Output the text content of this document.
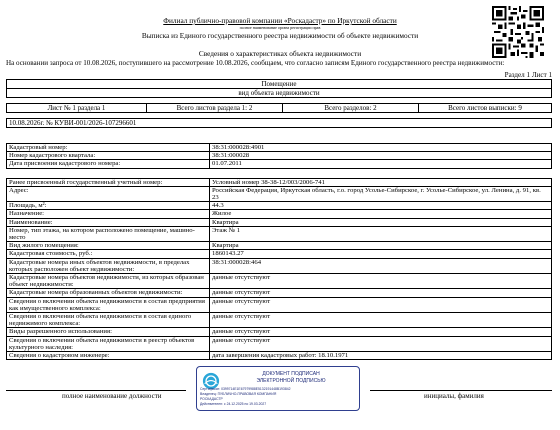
Филиал публично-правовой компании «Роскадастр» по Иркутской области
полное наименование органа регистрации прав
Выписка из Единого государственного реестра недвижимости об объекте недвижимости
Сведения о характеристиках объекта недвижимости
На основании запроса от 10.08.2026, поступившего на рассмотрение 10.08.2026, сообщаем, что согласно записям Единого государственного реестра недвижимости:
Раздел 1 Лист 1
Помещение
вид объекта недвижимости

Лист № 1 раздела 1	Всего листов раздела 1: 2	Всего разделов: 2	Всего листов выписки: 9

10.08.2026г. № КУВИ-001/2026-107296601
Кадастровый номер:	38:31:000028:4901
Номер кадастрового квартала:	38:31:000028
Дата присвоения кадастрового номера:	01.07.2011

Ранее присвоенный государственный учетный номер:	Условный номер 38-38-12/003/2006-741
Адрес:	Российская Федерация, Иркутская область, г.о. город Усолье-Сибирское, г. Усолье-Сибирское, ул. Ленина, д. 91, кв. 23
Площадь, м²:	44.3
Назначение:	Жилое
Наименование:	Квартира
Номер, тип этажа, на котором расположено помещение, машино-место	Этаж № 1
Вид жилого помещения:	Квартира
Кадастровая стоимость, руб.:	1860143.27
Кадастровые номера иных объектов недвижимости, в пределах которых расположен объект недвижимости:	38:31:000028:464
Кадастровые номера объектов недвижимости, из которых образован объект недвижимости:	данные отсутствуют
Кадастровые номера образованных объектов недвижимости:	данные отсутствуют
Сведения о включении объекта недвижимости в состав предприятия как имущественного комплекса:	данные отсутствуют
Сведения о включении объекта недвижимости в состав единого недвижимого комплекса:	данные отсутствуют
Виды разрешенного использования:	данные отсутствуют
Сведения о включении объекта недвижимости в реестр объектов культурного наследия:	данные отсутствуют
Сведения о кадастровом инженере:	дата завершения кадастровых работ: 18.10.1971
полное наименование должности	инициалы, фамилия
ДОКУМЕНТ ПОДПИСАН
ЭЛЕКТРОННОЙ ПОДПИСЬЮ
Сертификат: 0399714E1E67979988E5132191448B193842
Владелец: ПУБЛИЧНО-ПРАВОВАЯ КОМПАНИЯ
РОСКАДАСТР
Действителен: с 24.12.2025 по 19.03.2027
